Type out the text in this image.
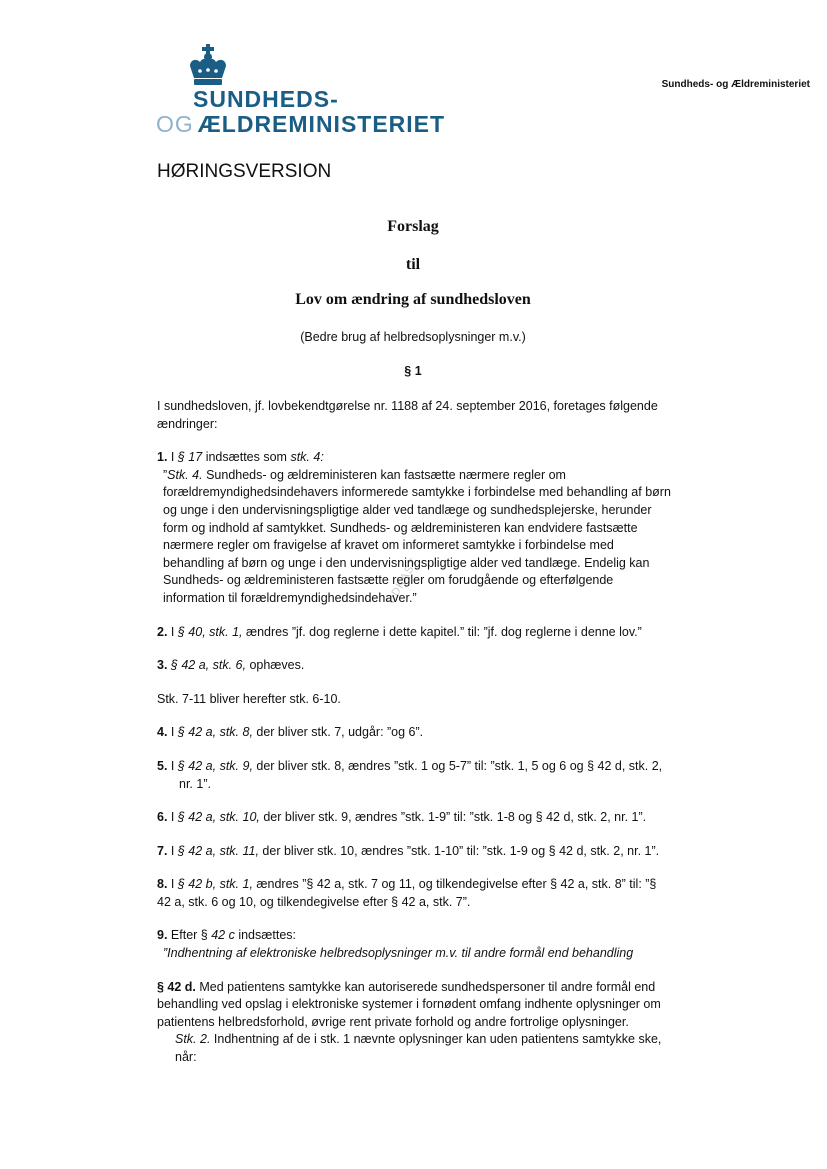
SUNDHEDS-
OG ÆLDREMINISTERIET
Sundheds- og Ældreministeriet
HØRINGSVERSION
Forslag
til
Lov om ændring af sundhedsloven
(Bedre brug af helbredsoplysninger m.v.)
§ 1
UDKAST

I sundhedsloven, jf. lovbekendtgørelse nr. 1188 af 24. september 2016, foretages følgende ændringer:

1. I § 17 indsættes som stk. 4:

”Stk. 4. Sundheds- og ældreministeren kan fastsætte nærmere regler om forældremyndighedsindehavers informerede samtykke i forbindelse med behandling af børn og unge i den undervisningspligtige alder ved tandlæge og sundhedsplejerske, herunder form og indhold af samtykket. Sundheds- og ældreministeren kan endvidere fastsætte nærmere regler om fravigelse af kravet om informeret samtykke i forbindelse med behandling af børn og unge i den undervisningspligtige alder ved tandlæge. Endelig kan Sundheds- og ældreministeren fastsætte regler om forudgående og efterfølgende information til forældremyndighedsindehaver.”

2. I § 40, stk. 1, ændres ”jf. dog reglerne i dette kapitel.” til: ”jf. dog reglerne i denne lov.”

3. § 42 a, stk. 6, ophæves.

Stk. 7-11 bliver herefter stk. 6-10.

4. I § 42 a, stk. 8, der bliver stk. 7, udgår: ”og 6”.

5. I § 42 a, stk. 9, der bliver stk. 8, ændres ”stk. 1 og 5-7” til: ”stk. 1, 5 og 6 og § 42 d, stk. 2, nr. 1”.

6. I § 42 a, stk. 10, der bliver stk. 9, ændres ”stk. 1-9” til: ”stk. 1-8 og § 42 d, stk. 2, nr. 1”.

7. I § 42 a, stk. 11, der bliver stk. 10, ændres ”stk. 1-10” til: ”stk. 1-9 og § 42 d, stk. 2, nr. 1”.

8. I § 42 b, stk. 1, ændres ”§ 42 a, stk. 7 og 11, og tilkendegivelse efter § 42 a, stk. 8” til: ”§ 42 a, stk. 6 og 10, og tilkendegivelse efter § 42 a, stk. 7”.

9. Efter § 42 c indsættes:

”Indhentning af elektroniske helbredsoplysninger m.v. til andre formål end behandling

§ 42 d. Med patientens samtykke kan autoriserede sundhedspersoner til andre formål end behandling ved opslag i elektroniske systemer i fornødent omfang indhente oplysninger om patientens helbredsforhold, øvrige rent private forhold og andre fortrolige oplysninger.

Stk. 2. Indhentning af de i stk. 1 nævnte oplysninger kan uden patientens samtykke ske, når:
